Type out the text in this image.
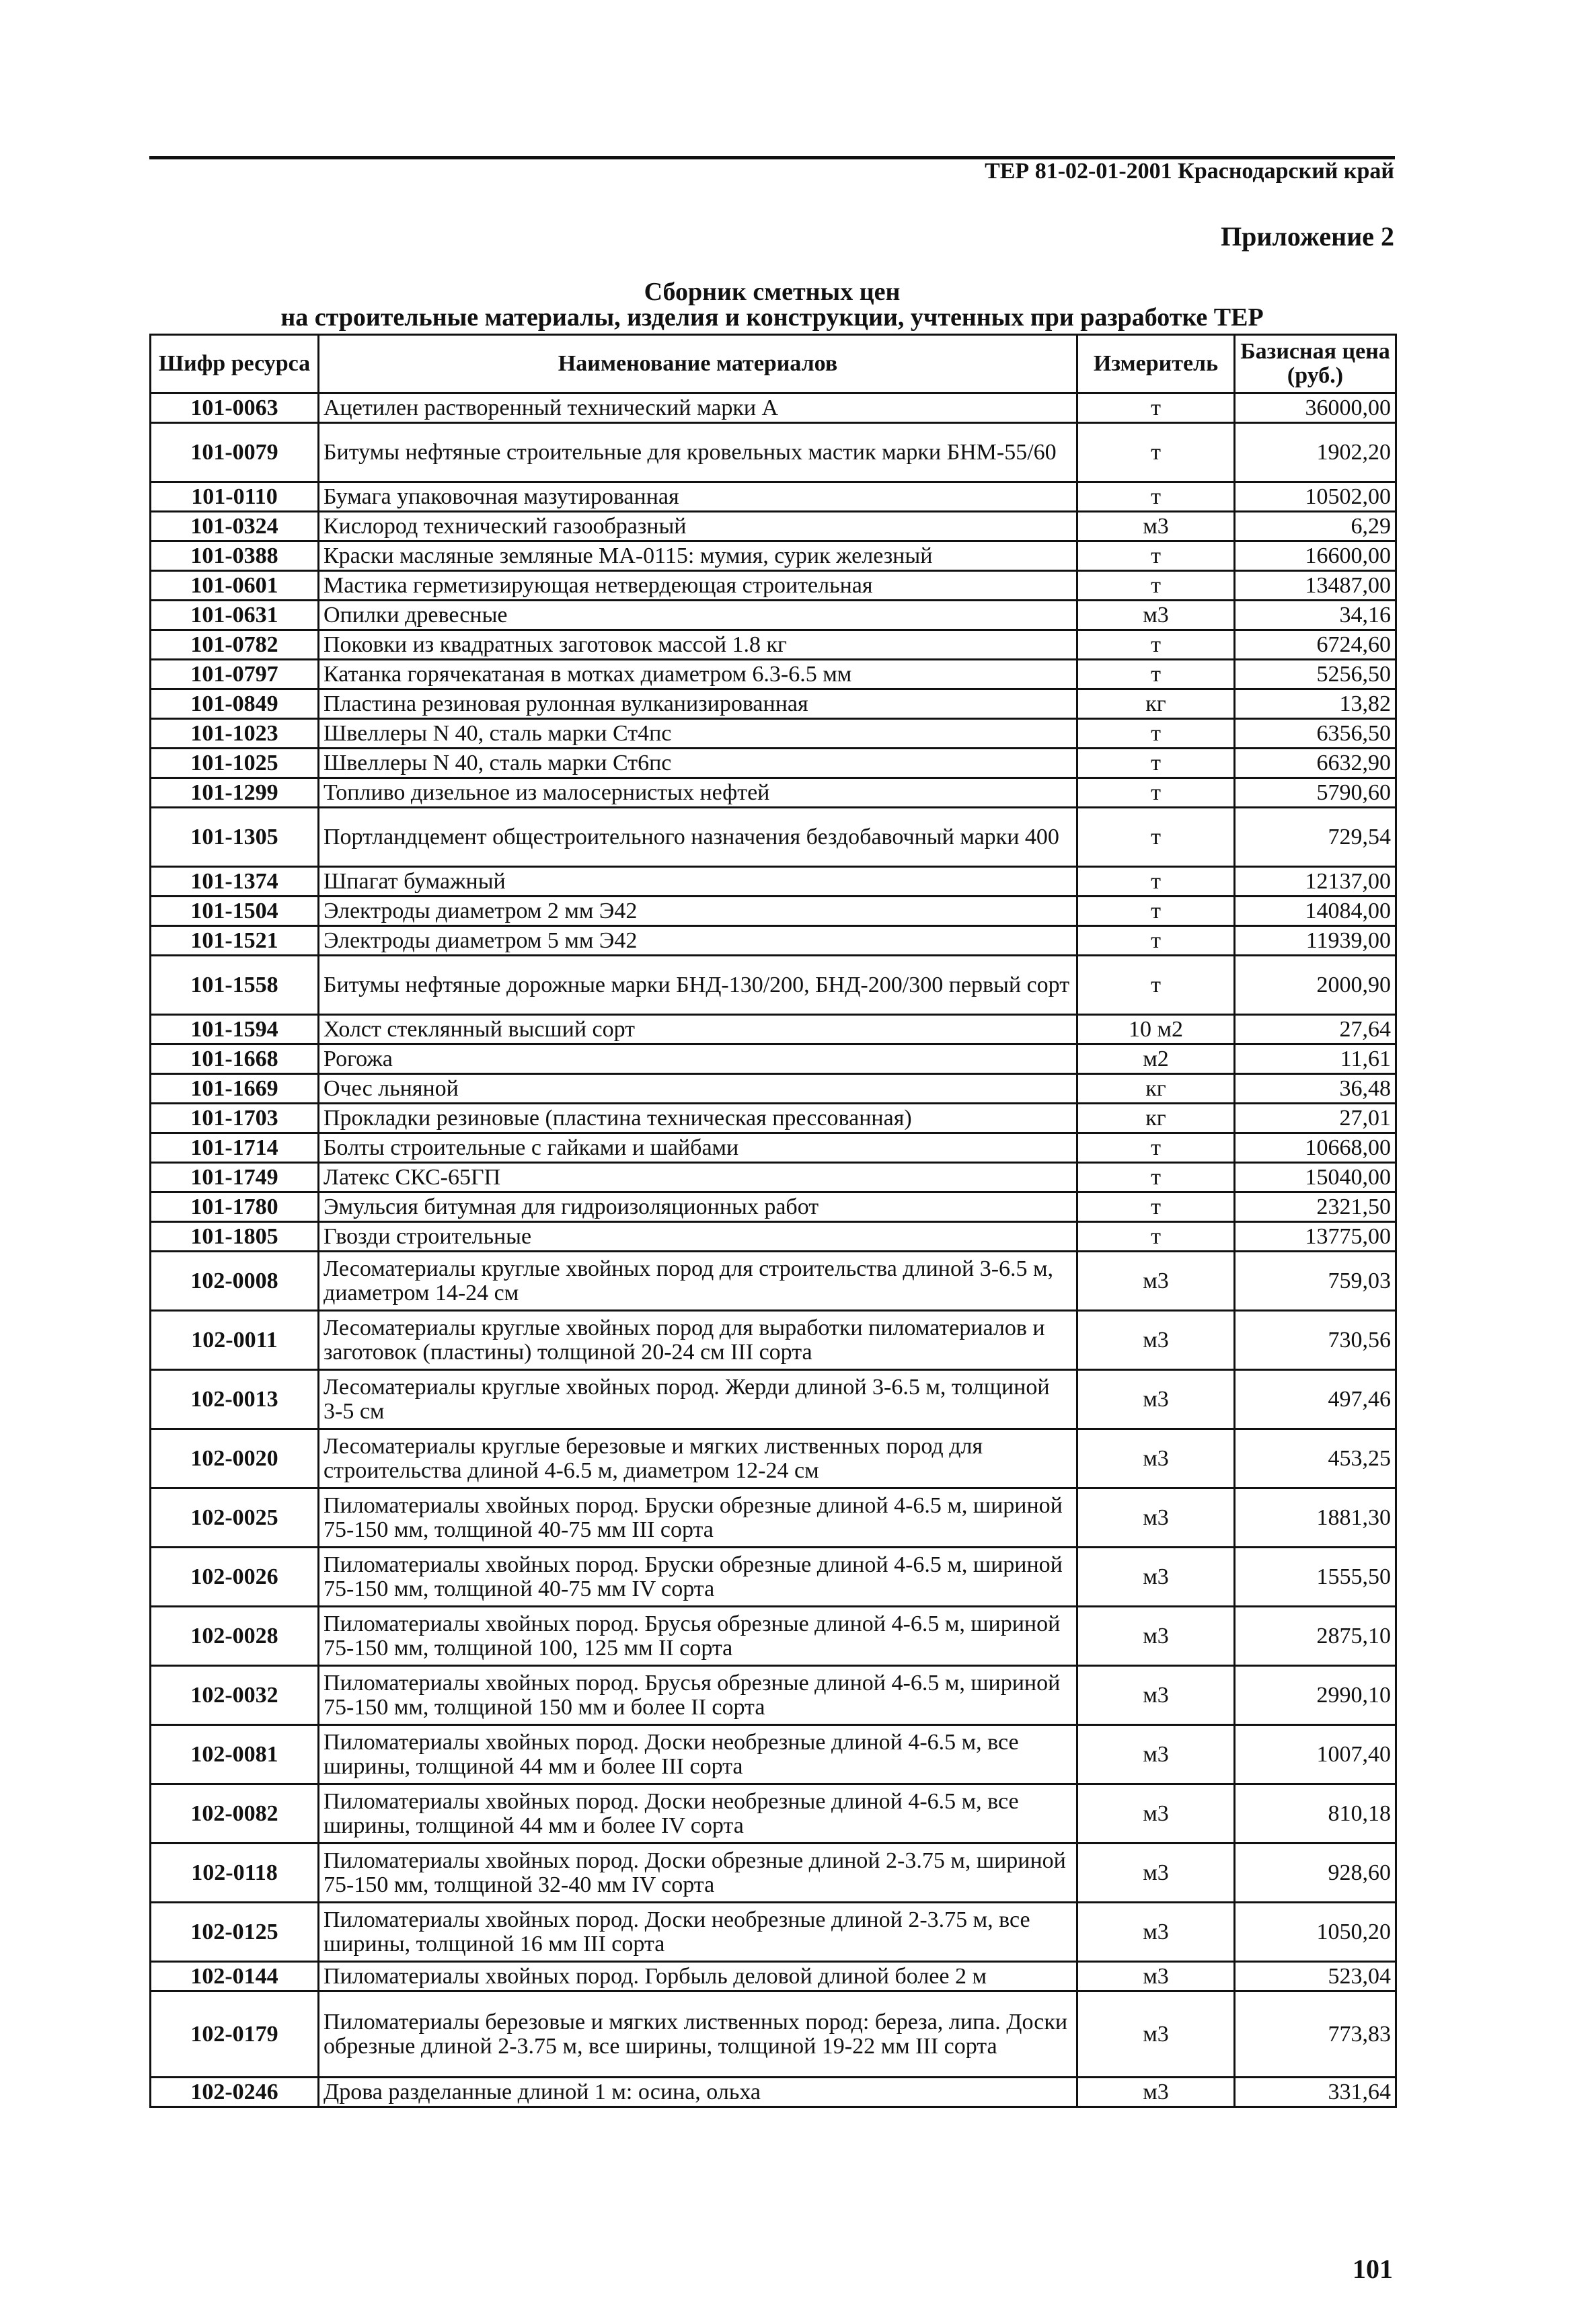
ТЕР 81-02-01-2001 Краснодарский край
Приложение 2
Сборник сметных цен
на строительные материалы, изделия и конструкции, учтенных при разработке ТЕР
Шифр ресурса	Наименование материалов	Измеритель	Базисная цена (руб.)
101-0063	Ацетилен растворенный технический марки А	т	36000,00
101-0079	Битумы нефтяные строительные для кровельных мастик марки БНМ-55/60	т	1902,20
101-0110	Бумага упаковочная мазутированная	т	10502,00
101-0324	Кислород технический газообразный	м3	6,29
101-0388	Краски масляные земляные МА-0115: мумия, сурик железный	т	16600,00
101-0601	Мастика герметизирующая нетвердеющая строительная	т	13487,00
101-0631	Опилки древесные	м3	34,16
101-0782	Поковки из квадратных заготовок массой 1.8 кг	т	6724,60
101-0797	Катанка горячекатаная в мотках диаметром 6.3-6.5 мм	т	5256,50
101-0849	Пластина резиновая рулонная вулканизированная	кг	13,82
101-1023	Швеллеры N 40, сталь марки Ст4пс	т	6356,50
101-1025	Швеллеры N 40, сталь марки Ст6пс	т	6632,90
101-1299	Топливо дизельное из малосернистых нефтей	т	5790,60
101-1305	Портландцемент общестроительного назначения бездобавочный марки 400	т	729,54
101-1374	Шпагат бумажный	т	12137,00
101-1504	Электроды диаметром 2 мм Э42	т	14084,00
101-1521	Электроды диаметром 5 мм Э42	т	11939,00
101-1558	Битумы нефтяные дорожные марки БНД-130/200, БНД-200/300 первый сорт	т	2000,90
101-1594	Холст стеклянный высший сорт	10 м2	27,64
101-1668	Рогожа	м2	11,61
101-1669	Очес льняной	кг	36,48
101-1703	Прокладки резиновые (пластина техническая прессованная)	кг	27,01
101-1714	Болты строительные с гайками и шайбами	т	10668,00
101-1749	Латекс СКС-65ГП	т	15040,00
101-1780	Эмульсия битумная для гидроизоляционных работ	т	2321,50
101-1805	Гвозди строительные	т	13775,00
102-0008	Лесоматериалы круглые хвойных пород для строительства длиной 3-6.5 м, диаметром 14-24 см	м3	759,03
102-0011	Лесоматериалы круглые хвойных пород для выработки пиломатериалов и заготовок (пластины) толщиной 20-24 см III сорта	м3	730,56
102-0013	Лесоматериалы круглые хвойных пород. Жерди длиной 3-6.5 м, толщиной 3-5 см	м3	497,46
102-0020	Лесоматериалы круглые березовые и мягких лиственных пород для строительства длиной 4-6.5 м, диаметром 12-24 см	м3	453,25
102-0025	Пиломатериалы хвойных пород. Бруски обрезные длиной 4-6.5 м, шириной 75-150 мм, толщиной 40-75 мм III сорта	м3	1881,30
102-0026	Пиломатериалы хвойных пород. Бруски обрезные длиной 4-6.5 м, шириной 75-150 мм, толщиной 40-75 мм IV сорта	м3	1555,50
102-0028	Пиломатериалы хвойных пород. Брусья обрезные длиной 4-6.5 м, шириной 75-150 мм, толщиной 100, 125 мм II сорта	м3	2875,10
102-0032	Пиломатериалы хвойных пород. Брусья обрезные длиной 4-6.5 м, шириной 75-150 мм, толщиной 150 мм и более II сорта	м3	2990,10
102-0081	Пиломатериалы хвойных пород. Доски необрезные длиной 4-6.5 м, все ширины, толщиной 44 мм и более III сорта	м3	1007,40
102-0082	Пиломатериалы хвойных пород. Доски необрезные длиной 4-6.5 м, все ширины, толщиной 44 мм и более IV сорта	м3	810,18
102-0118	Пиломатериалы хвойных пород. Доски обрезные длиной 2-3.75 м, шириной 75-150 мм, толщиной 32-40 мм IV сорта	м3	928,60
102-0125	Пиломатериалы хвойных пород. Доски необрезные длиной 2-3.75 м, все ширины, толщиной 16 мм III сорта	м3	1050,20
102-0144	Пиломатериалы хвойных пород. Горбыль деловой длиной более 2 м	м3	523,04
102-0179	Пиломатериалы березовые и мягких лиственных пород: береза, липа. Доски обрезные длиной 2-3.75 м, все ширины, толщиной 19-22 мм III сорта	м3	773,83
102-0246	Дрова разделанные длиной 1 м: осина, ольха	м3	331,64
101
